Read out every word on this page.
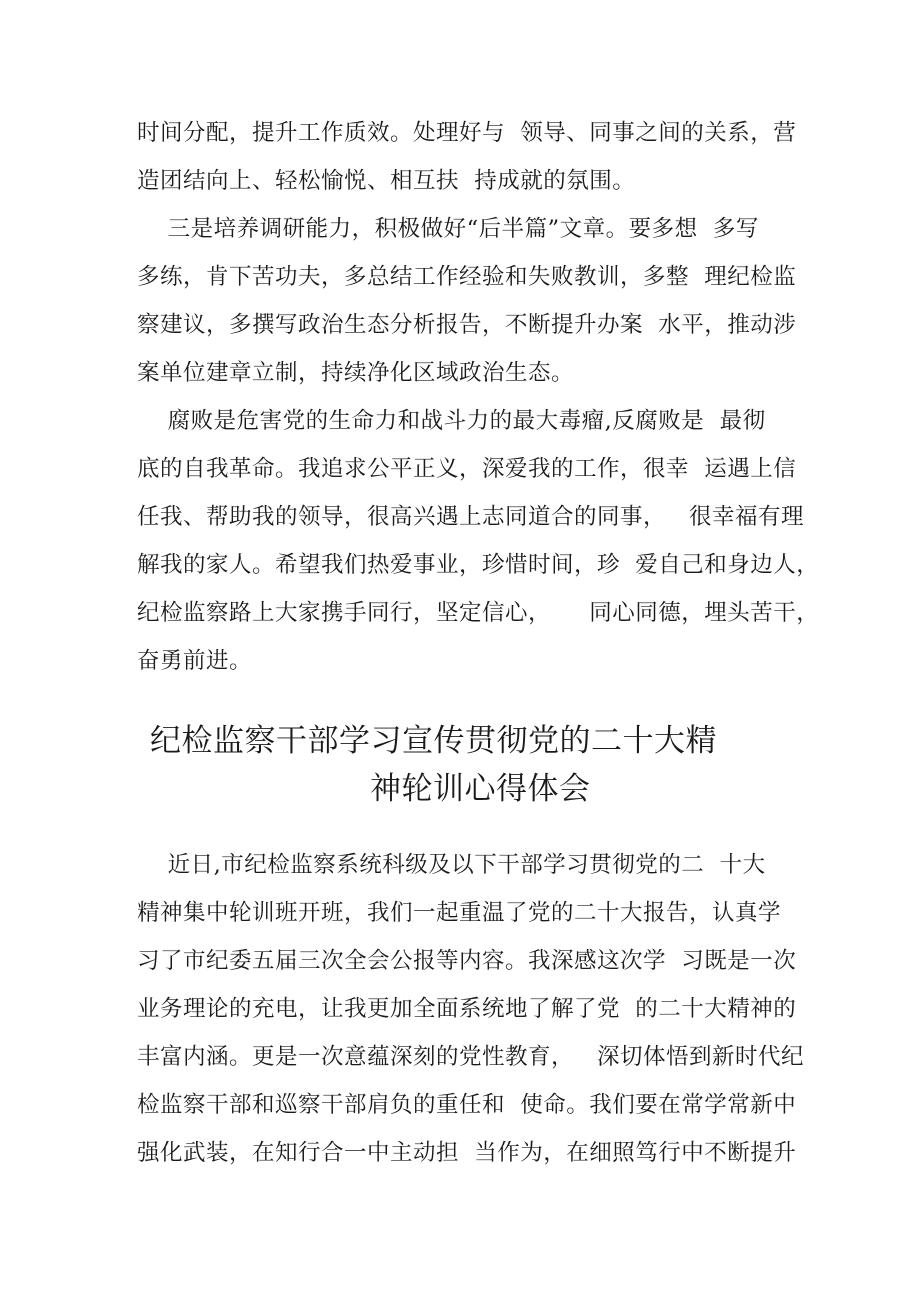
时间分配，提升工作质效。处理好与  领导、同事之间的关系，营
造团结向上、轻松愉悦、相互扶  持成就的氛围。
三是培养调研能力，积极做好“后半篇”文章。要多想  多写
多练，肯下苦功夫，多总结工作经验和失败教训，多整  理纪检监
察建议，多撰写政治生态分析报告，不断提升办案  水平，推动涉
案单位建章立制，持续净化区域政治生态。
腐败是危害党的生命力和战斗力的最大毒瘤,反腐败是  最彻
底的自我革命。我追求公平正义，深爱我的工作，很幸  运遇上信
任我、帮助我的领导，很高兴遇上志同道合的同事，   很幸福有理
解我的家人。希望我们热爱事业，珍惜时间，珍  爱自己和身边人，
纪检监察路上大家携手同行，坚定信心，     同心同德，埋头苦干，
奋勇前进。
纪检监察干部学习宣传贯彻党的二十大精
神轮训心得体会
近日,市纪检监察系统科级及以下干部学习贯彻党的二  十大
精神集中轮训班开班，我们一起重温了党的二十大报告，认真学
习了市纪委五届三次全会公报等内容。我深感这次学  习既是一次
业务理论的充电，让我更加全面系统地了解了党  的二十大精神的
丰富内涵。更是一次意蕴深刻的党性教育，   深切体悟到新时代纪
检监察干部和巡察干部肩负的重任和  使命。我们要在常学常新中
强化武装，在知行合一中主动担  当作为，在细照笃行中不断提升
